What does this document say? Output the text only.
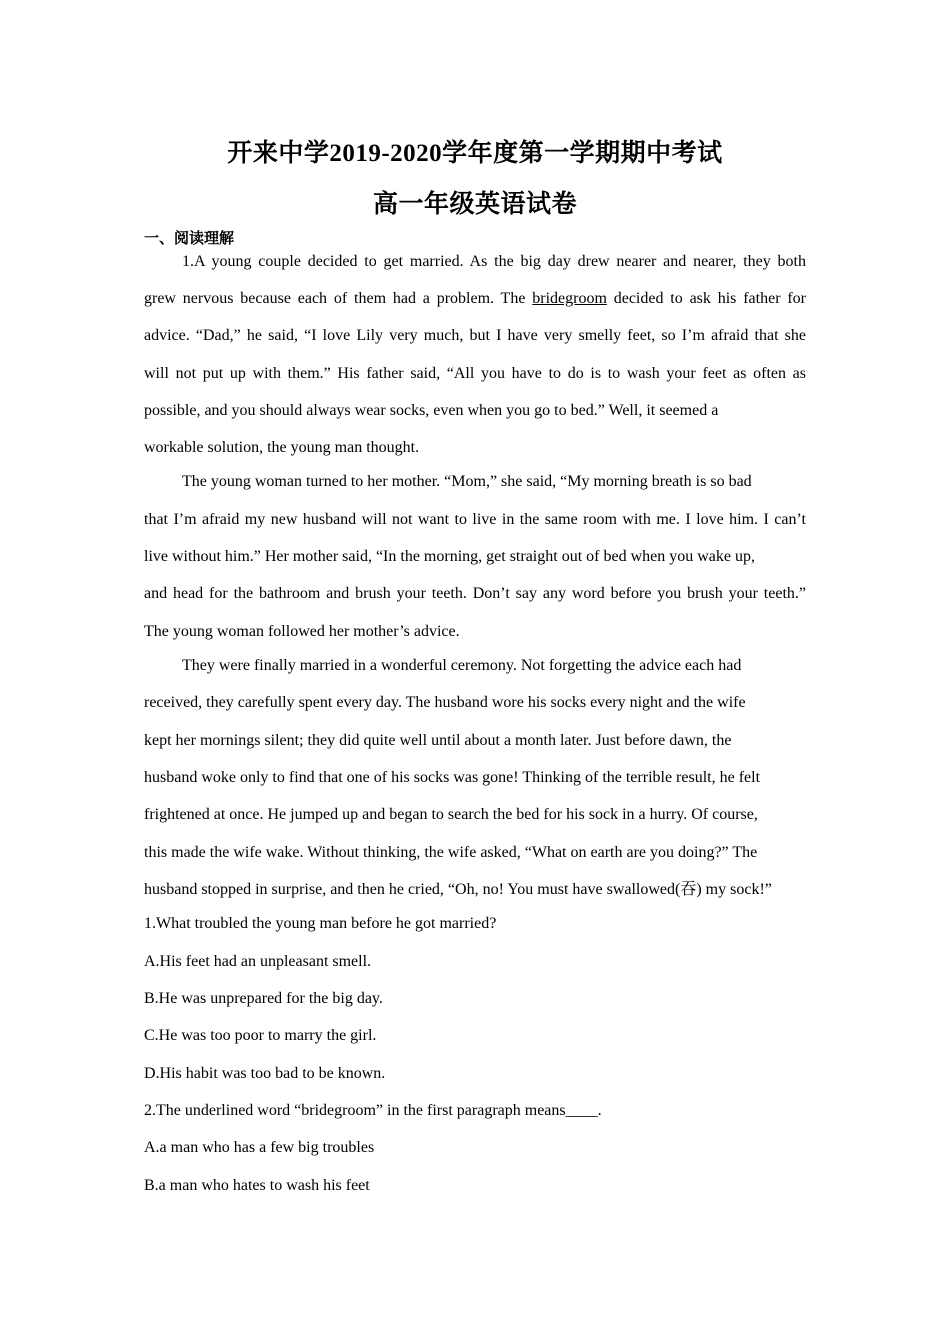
开来中学2019-2020学年度第一学期期中考试
高一年级英语试卷
一、阅读理解
1.A young couple decided to get married. As the big day drew nearer and nearer, they both
grew nervous because each of them had a problem. The bridegroom decided to ask his father for
advice. “Dad,” he said, “I love Lily very much, but I have very smelly feet, so I’m afraid that she
will not put up with them.” His father said, “All you have to do is to wash your feet as often as
possible, and you should always wear socks, even when you go to bed.” Well, it seemed a
workable solution, the young man thought.
The young woman turned to her mother. “Mom,” she said, “My morning breath is so bad
that I’m afraid my new husband will not want to live in the same room with me. I love him. I can’t
live without him.” Her mother said, “In the morning, get straight out of bed when you wake up,
and head for the bathroom and brush your teeth. Don’t say any word before you brush your teeth.”
The young woman followed her mother’s advice.
They were finally married in a wonderful ceremony. Not forgetting the advice each had
received, they carefully spent every day. The husband wore his socks every night and the wife
kept her mornings silent; they did quite well until about a month later. Just before dawn, the
husband woke only to find that one of his socks was gone! Thinking of the terrible result, he felt
frightened at once. He jumped up and began to search the bed for his sock in a hurry. Of course,
this made the wife wake. Without thinking, the wife asked, “What on earth are you doing?” The
husband stopped in surprise, and then he cried, “Oh, no! You must have swallowed(吞) my sock!”
1.What troubled the young man before he got married?
A.His feet had an unpleasant smell.
B.He was unprepared for the big day.
C.He was too poor to marry the girl.
D.His habit was too bad to be known.
2.The underlined word “bridegroom” in the first paragraph means____.
A.a man who has a few big troubles
B.a man who hates to wash his feet
